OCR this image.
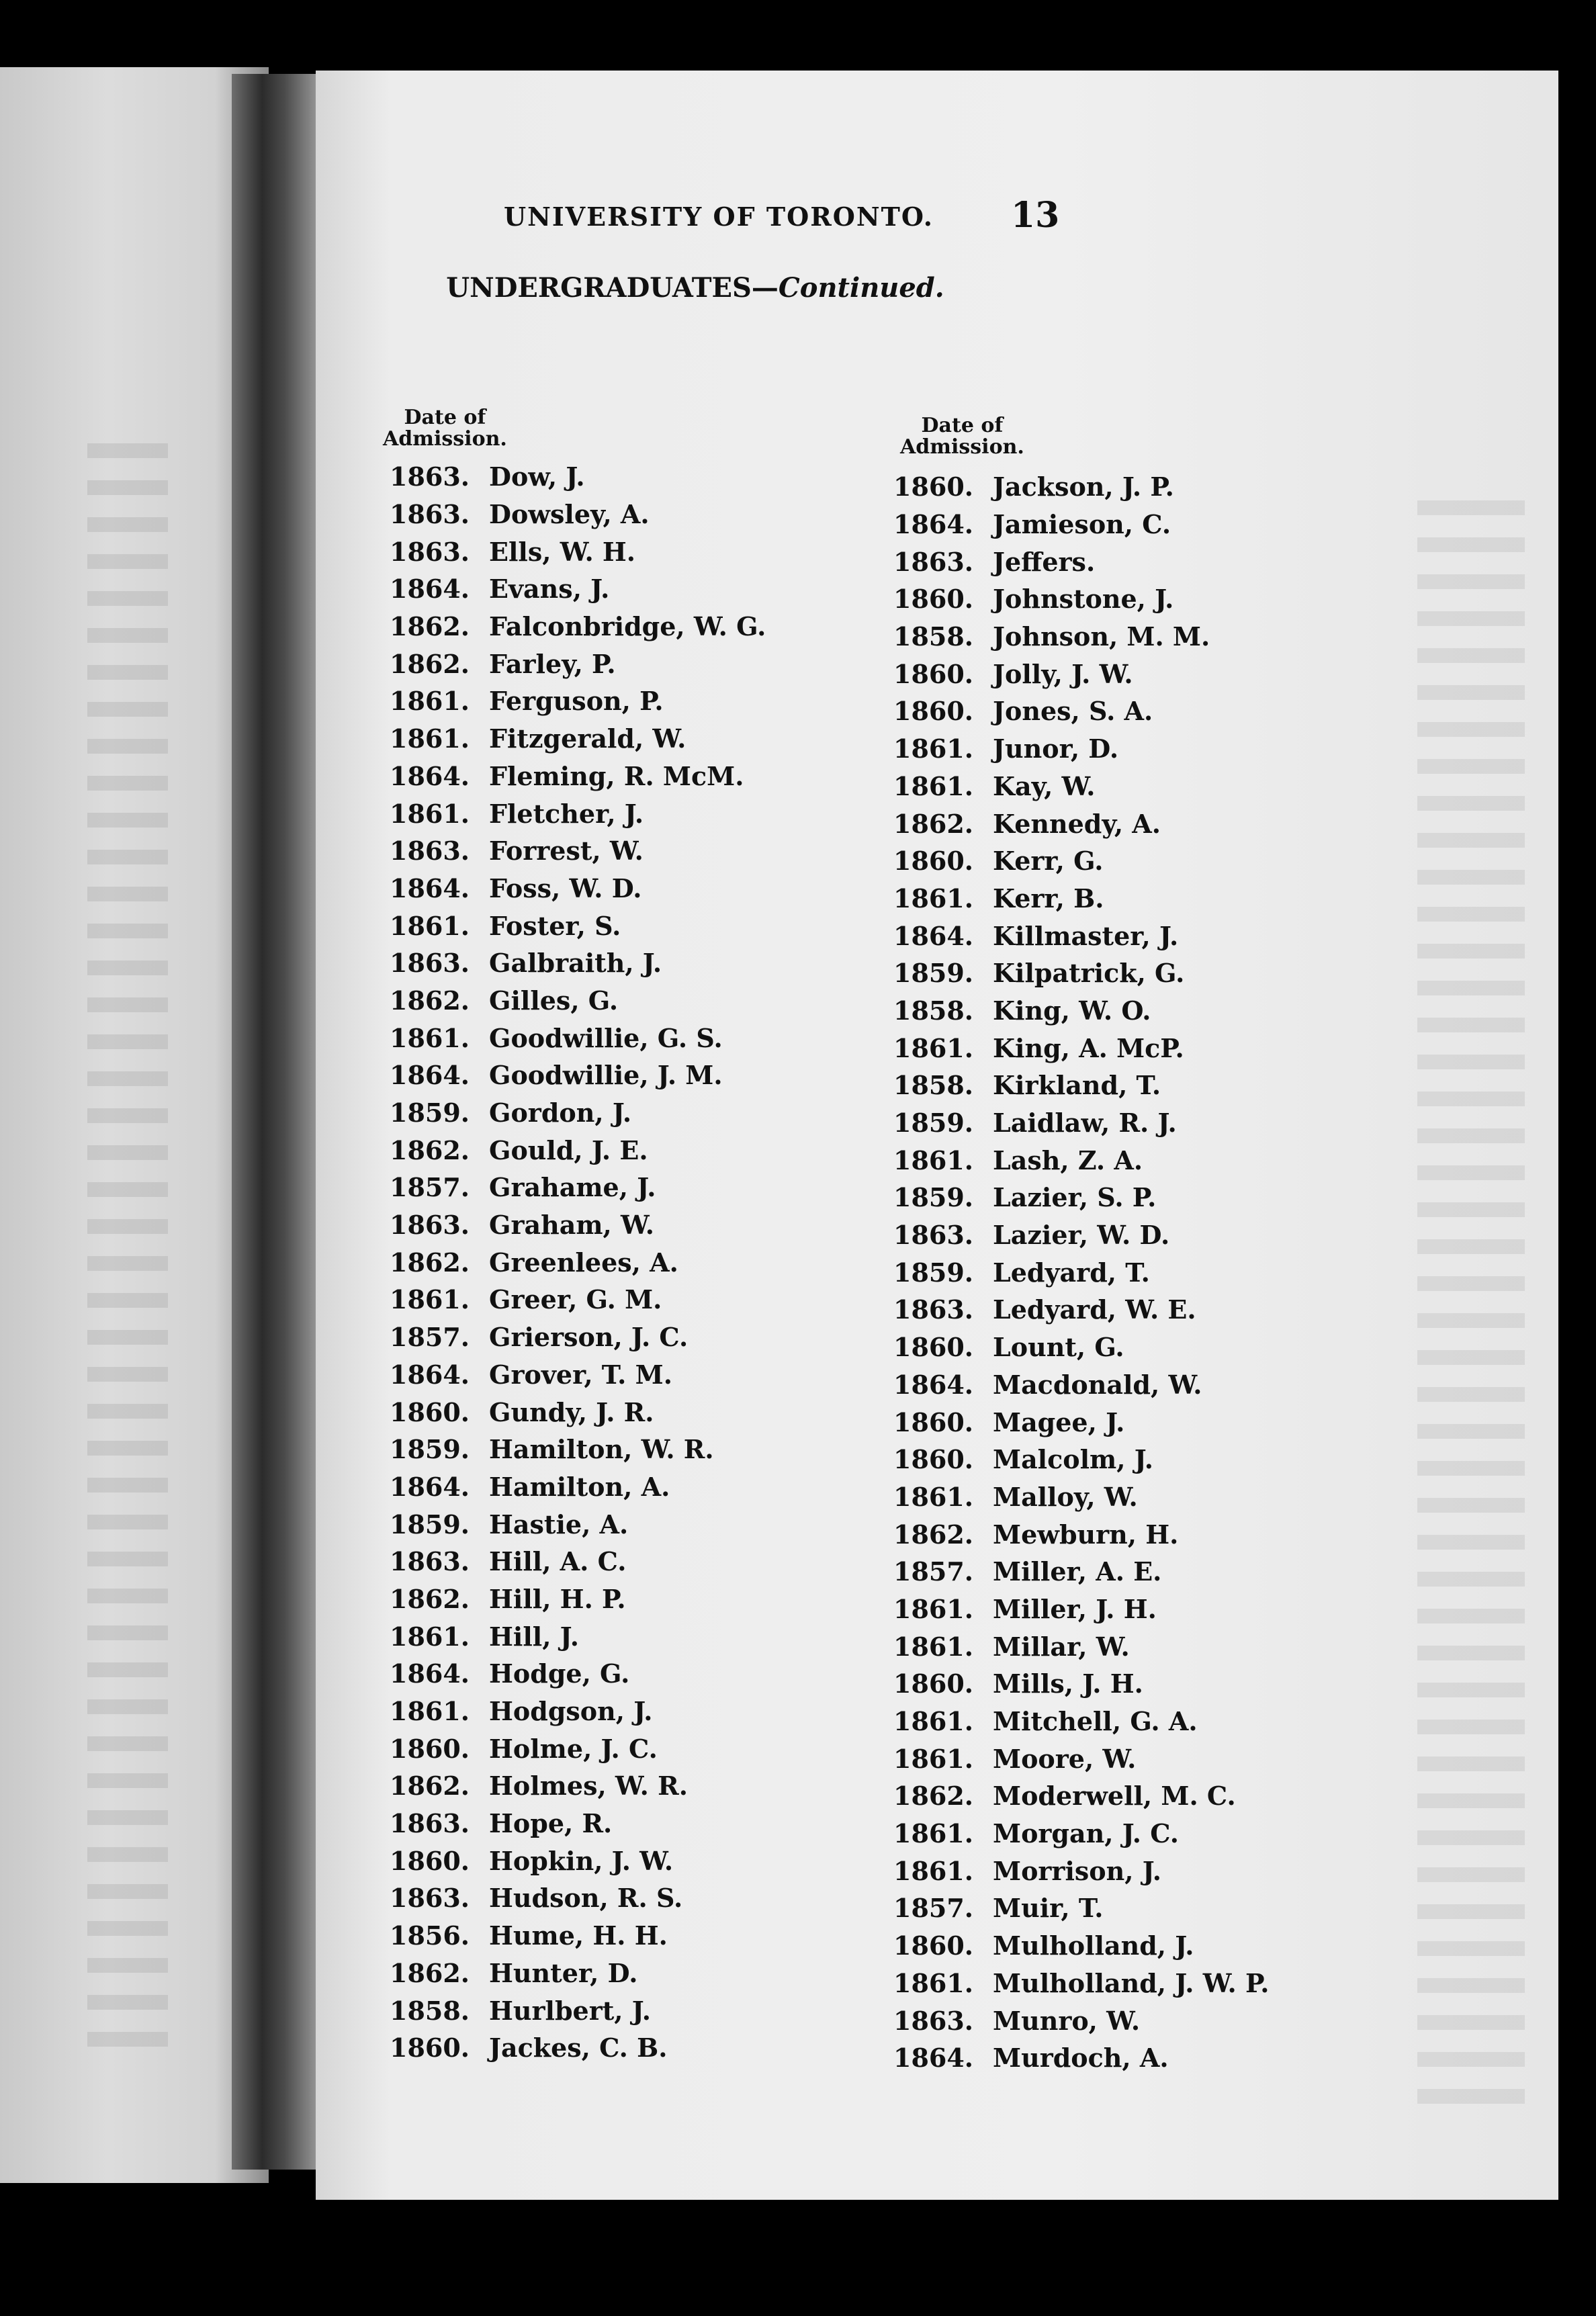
UNIVERSITY OF TORONTO.	13
UNDERGRADUATES—Continued.
Date of
Admission.
Date of
Admission.
1863. Dow, J.
1863. Dowsley, A.
1863. Ells, W. H.
1864. Evans, J.
1862. Falconbridge, W. G.
1862. Farley, P.
1861. Ferguson, P.
1861. Fitzgerald, W.
1864. Fleming, R. McM.
1861. Fletcher, J.
1863. Forrest, W.
1864. Foss, W. D.
1861. Foster, S.
1863. Galbraith, J.
1862. Gilles, G.
1861. Goodwillie, G. S.
1864. Goodwillie, J. M.
1859. Gordon, J.
1862. Gould, J. E.
1857. Grahame, J.
1863. Graham, W.
1862. Greenlees, A.
1861. Greer, G. M.
1857. Grierson, J. C.
1864. Grover, T. M.
1860. Gundy, J. R.
1859. Hamilton, W. R.
1864. Hamilton, A.
1859. Hastie, A.
1863. Hill, A. C.
1862. Hill, H. P.
1861. Hill, J.
1864. Hodge, G.
1861. Hodgson, J.
1860. Holme, J. C.
1862. Holmes, W. R.
1863. Hope, R.
1860. Hopkin, J. W.
1863. Hudson, R. S.
1856. Hume, H. H.
1862. Hunter, D.
1858. Hurlbert, J.
1860. Jackes, C. B.
1860. Jackson, J. P.
1864. Jamieson, C.
1863. Jeffers.
1860. Johnstone, J.
1858. Johnson, M. M.
1860. Jolly, J. W.
1860. Jones, S. A.
1861. Junor, D.
1861. Kay, W.
1862. Kennedy, A.
1860. Kerr, G.
1861. Kerr, B.
1864. Killmaster, J.
1859. Kilpatrick, G.
1858. King, W. O.
1861. King, A. McP.
1858. Kirkland, T.
1859. Laidlaw, R. J.
1861. Lash, Z. A.
1859. Lazier, S. P.
1863. Lazier, W. D.
1859. Ledyard, T.
1863. Ledyard, W. E.
1860. Lount, G.
1864. Macdonald, W.
1860. Magee, J.
1860. Malcolm, J.
1861. Malloy, W.
1862. Mewburn, H.
1857. Miller, A. E.
1861. Miller, J. H.
1861. Millar, W.
1860. Mills, J. H.
1861. Mitchell, G. A.
1861. Moore, W.
1862. Moderwell, M. C.
1861. Morgan, J. C.
1861. Morrison, J.
1857. Muir, T.
1860. Mulholland, J.
1861. Mulholland, J. W. P.
1863. Munro, W.
1864. Murdoch, A.
